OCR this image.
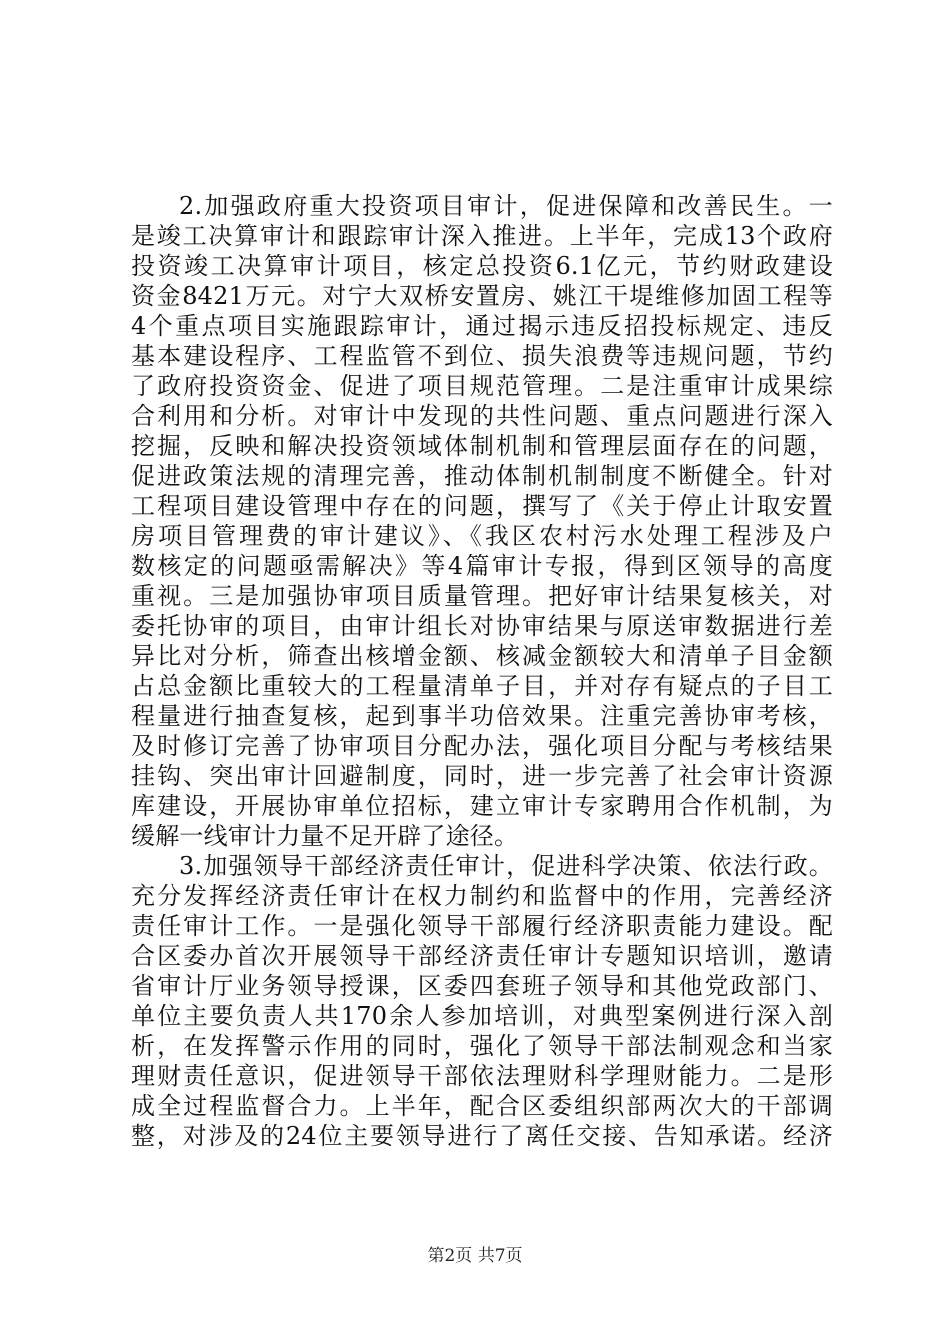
2.加强政府重大投资项目审计，促进保障和改善民生。一
是竣工决算审计和跟踪审计深入推进。上半年，完成13个政府
投资竣工决算审计项目，核定总投资6.1亿元，节约财政建设
资金8421万元。对宁大双桥安置房、姚江干堤维修加固工程等
4个重点项目实施跟踪审计，通过揭示违反招投标规定、违反
基本建设程序、工程监管不到位、损失浪费等违规问题，节约
了政府投资资金、促进了项目规范管理。二是注重审计成果综
合利用和分析。对审计中发现的共性问题、重点问题进行深入
挖掘，反映和解决投资领域体制机制和管理层面存在的问题，
促进政策法规的清理完善，推动体制机制制度不断健全。针对
工程项目建设管理中存在的问题，撰写了《关于停止计取安置
房项目管理费的审计建议》、《我区农村污水处理工程涉及户
数核定的问题亟需解决》等4篇审计专报，得到区领导的高度
重视。三是加强协审项目质量管理。把好审计结果复核关，对
委托协审的项目，由审计组长对协审结果与原送审数据进行差
异比对分析，筛查出核增金额、核减金额较大和清单子目金额
占总金额比重较大的工程量清单子目，并对存有疑点的子目工
程量进行抽查复核，起到事半功倍效果。注重完善协审考核，
及时修订完善了协审项目分配办法，强化项目分配与考核结果
挂钩、突出审计回避制度，同时，进一步完善了社会审计资源
库建设，开展协审单位招标，建立审计专家聘用合作机制，为
缓解一线审计力量不足开辟了途径。
3.加强领导干部经济责任审计，促进科学决策、依法行政。
充分发挥经济责任审计在权力制约和监督中的作用，完善经济
责任审计工作。一是强化领导干部履行经济职责能力建设。配
合区委办首次开展领导干部经济责任审计专题知识培训，邀请
省审计厅业务领导授课，区委四套班子领导和其他党政部门、
单位主要负责人共170余人参加培训，对典型案例进行深入剖
析，在发挥警示作用的同时，强化了领导干部法制观念和当家
理财责任意识，促进领导干部依法理财科学理财能力。二是形
成全过程监督合力。上半年，配合区委组织部两次大的干部调
整，对涉及的24位主要领导进行了离任交接、告知承诺。经济
第2页 共7页
